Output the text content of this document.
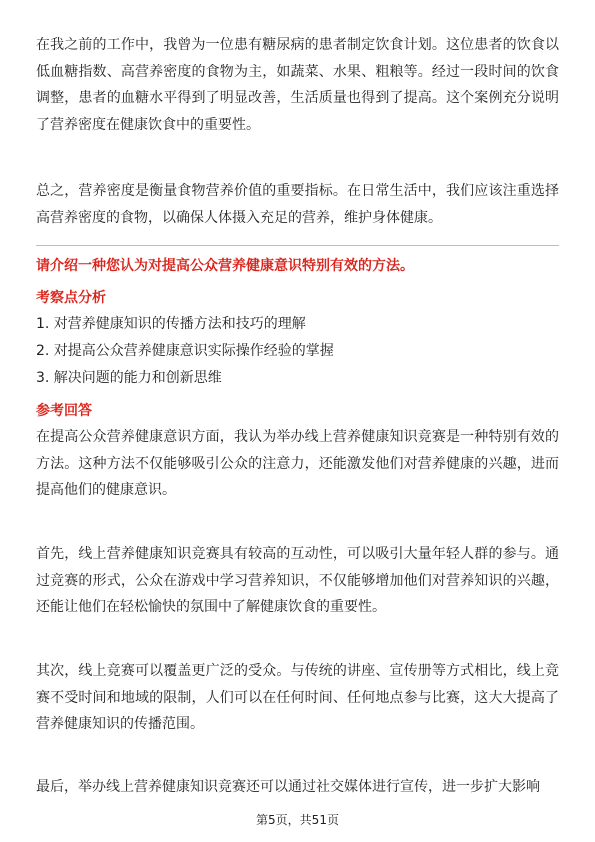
在我之前的工作中，我曾为一位患有糖尿病的患者制定饮食计划。这位患者的饮食以低血糖指数、高营养密度的食物为主，如蔬菜、水果、粗粮等。经过一段时间的饮食调整，患者的血糖水平得到了明显改善，生活质量也得到了提高。这个案例充分说明了营养密度在健康饮食中的重要性。

总之，营养密度是衡量食物营养价值的重要指标。在日常生活中，我们应该注重选择高营养密度的食物，以确保人体摄入充足的营养，维护身体健康。

请介绍一种您认为对提高公众营养健康意识特别有效的方法。

考察点分析

1. 对营养健康知识的传播方法和技巧的理解

2. 对提高公众营养健康意识实际操作经验的掌握

3. 解决问题的能力和创新思维

参考回答

在提高公众营养健康意识方面，我认为举办线上营养健康知识竞赛是一种特别有效的方法。这种方法不仅能够吸引公众的注意力，还能激发他们对营养健康的兴趣，进而提高他们的健康意识。

首先，线上营养健康知识竞赛具有较高的互动性，可以吸引大量年轻人群的参与。通过竞赛的形式，公众在游戏中学习营养知识，不仅能够增加他们对营养知识的兴趣，还能让他们在轻松愉快的氛围中了解健康饮食的重要性。

其次，线上竞赛可以覆盖更广泛的受众。与传统的讲座、宣传册等方式相比，线上竞赛不受时间和地域的限制，人们可以在任何时间、任何地点参与比赛，这大大提高了营养健康知识的传播范围。

最后，举办线上营养健康知识竞赛还可以通过社交媒体进行宣传，进一步扩大影响

第5页，共51页
